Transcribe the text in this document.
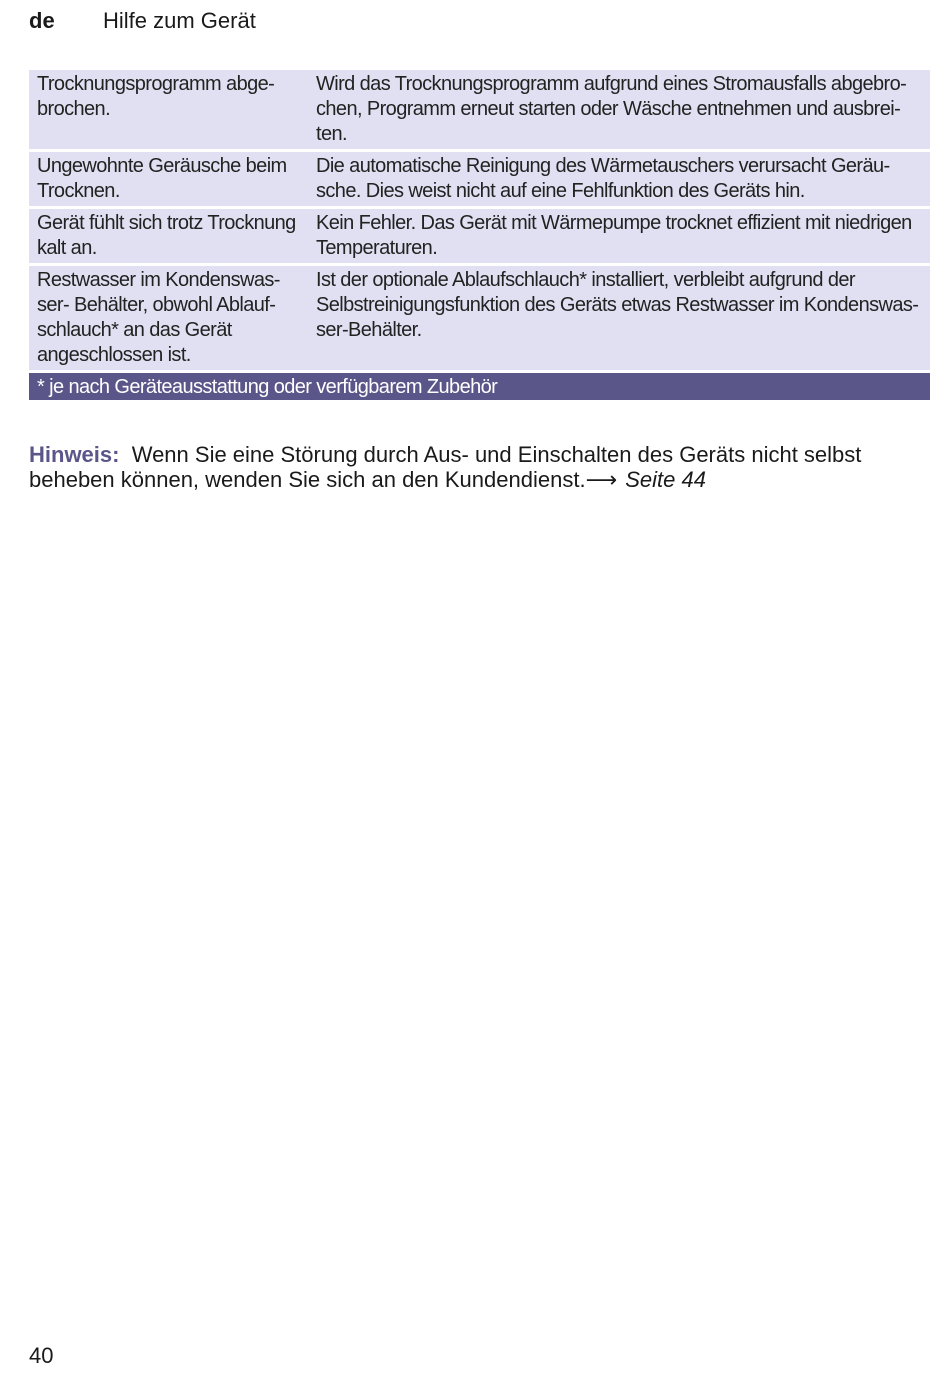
de Hilfe zum Gerät
Trocknungsprogramm abge-
brochen.
Wird das Trocknungsprogramm aufgrund eines Stromausfalls abgebro-
chen, Programm erneut starten oder Wäsche entnehmen und ausbrei-
ten.
Ungewohnte Geräusche beim
Trocknen.
Die automatische Reinigung des Wärmetauschers verursacht Geräu-
sche. Dies weist nicht auf eine Fehlfunktion des Geräts hin.
Gerät fühlt sich trotz Trocknung
kalt an.
Kein Fehler. Das Gerät mit Wärmepumpe trocknet effizient mit niedrigen
Temperaturen.
Restwasser im Kondenswas-
ser- Behälter, obwohl Ablauf-
schlauch* an das Gerät
angeschlossen ist.
Ist der optionale Ablaufschlauch* installiert, verbleibt aufgrund der
Selbstreinigungsfunktion des Geräts etwas Restwasser im Kondenswas-
ser-Behälter.
* je nach Geräteausstattung oder verfügbarem Zubehör
Hinweis: Wenn Sie eine Störung durch Aus- und Einschalten des Geräts nicht selbst beheben können, wenden Sie sich an den Kundendienst.⟶ Seite 44
40
